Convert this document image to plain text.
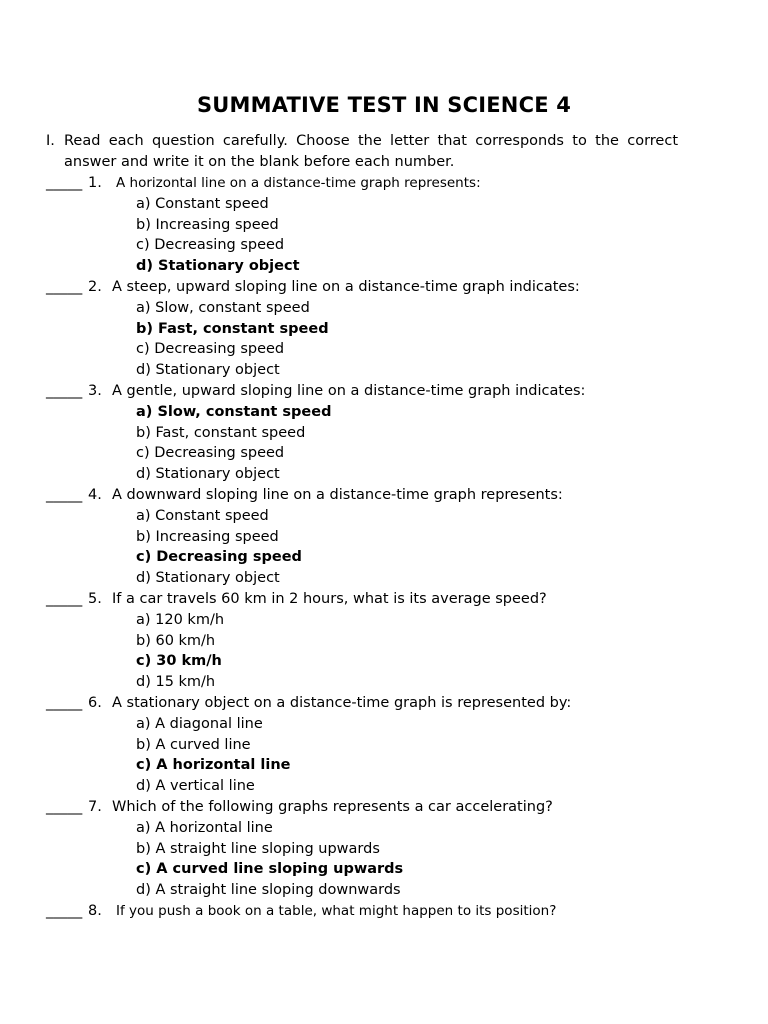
SUMMATIVE TEST IN SCIENCE 4
I. Read each question carefully. Choose the letter that corresponds to the correct answer and write it on the blank before each number.
_____ 1. A horizontal line on a distance-time graph represents:
a) Constant speed
b) Increasing speed
c) Decreasing speed
d) Stationary object
_____ 2. A steep, upward sloping line on a distance-time graph indicates:
a) Slow, constant speed
b) Fast, constant speed
c) Decreasing speed
d) Stationary object
_____ 3. A gentle, upward sloping line on a distance-time graph indicates:
a) Slow, constant speed
b) Fast, constant speed
c) Decreasing speed
d) Stationary object
_____ 4. A downward sloping line on a distance-time graph represents:
a) Constant speed
b) Increasing speed
c) Decreasing speed
d) Stationary object
_____ 5. If a car travels 60 km in 2 hours, what is its average speed?
a) 120 km/h
b) 60 km/h
c) 30 km/h
d) 15 km/h
_____ 6. A stationary object on a distance-time graph is represented by:
a) A diagonal line
b) A curved line
c) A horizontal line
d) A vertical line
_____ 7. Which of the following graphs represents a car accelerating?
a) A horizontal line
b) A straight line sloping upwards
c) A curved line sloping upwards
d) A straight line sloping downwards
_____ 8. If you push a book on a table, what might happen to its position?
